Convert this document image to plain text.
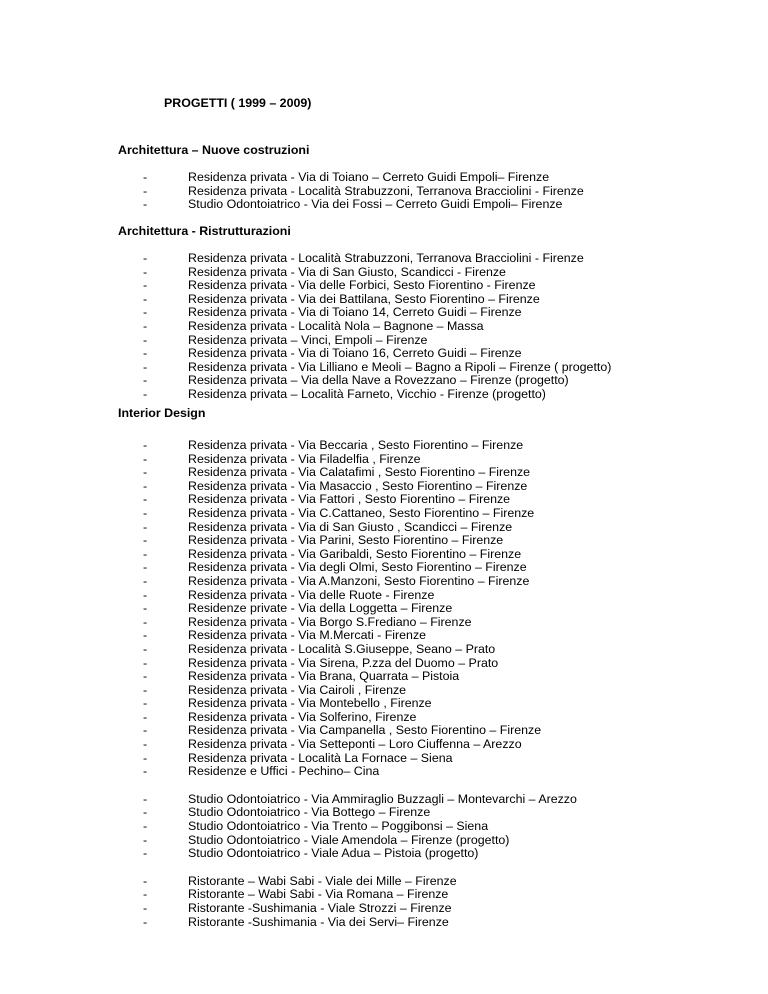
PROGETTI ( 1999 – 2009)
Architettura – Nuove costruzioni
-	Residenza privata - Via di Toiano – Cerreto Guidi Empoli– Firenze
-	Residenza privata - Località Strabuzzoni, Terranova Bracciolini - Firenze
-	Studio Odontoiatrico - Via dei Fossi – Cerreto Guidi Empoli– Firenze
Architettura - Ristrutturazioni
-	Residenza privata - Località Strabuzzoni, Terranova Bracciolini - Firenze
-	Residenza privata - Via di San Giusto, Scandicci - Firenze
-	Residenza privata - Via delle Forbici, Sesto Fiorentino - Firenze
-	Residenza privata - Via dei Battilana, Sesto Fiorentino – Firenze
-	Residenza privata - Via di Toiano 14, Cerreto Guidi – Firenze
-	Residenza privata - Località Nola – Bagnone – Massa
-	Residenza privata – Vinci, Empoli – Firenze
-	Residenza privata - Via di Toiano 16, Cerreto Guidi – Firenze
-	Residenza privata - Via Lilliano e Meoli – Bagno a Ripoli – Firenze ( progetto)
-	Residenza privata – Via della Nave a Rovezzano – Firenze (progetto)
-	Residenza privata – Località Farneto, Vicchio - Firenze (progetto)
Interior Design
-	Residenza privata - Via Beccaria , Sesto Fiorentino – Firenze
-	Residenza privata - Via Filadelfia , Firenze
-	Residenza privata - Via Calatafimi , Sesto Fiorentino – Firenze
-	Residenza privata - Via Masaccio , Sesto Fiorentino – Firenze
-	Residenza privata - Via Fattori , Sesto Fiorentino – Firenze
-	Residenza privata - Via C.Cattaneo, Sesto Fiorentino – Firenze
-	Residenza privata - Via di San Giusto , Scandicci – Firenze
-	Residenza privata - Via Parini, Sesto Fiorentino – Firenze
-	Residenza privata - Via Garibaldi, Sesto Fiorentino – Firenze
-	Residenza privata - Via degli Olmi, Sesto Fiorentino – Firenze
-	Residenza privata - Via A.Manzoni, Sesto Fiorentino – Firenze
-	Residenza privata - Via delle Ruote - Firenze
-	Residenze private - Via della Loggetta – Firenze
-	Residenza privata - Via Borgo S.Frediano – Firenze
-	Residenza privata - Via M.Mercati - Firenze
-	Residenza privata - Località S.Giuseppe, Seano – Prato
-	Residenza privata - Via Sirena, P.zza del Duomo – Prato
-	Residenza privata - Via Brana, Quarrata – Pistoia
-	Residenza privata - Via Cairoli , Firenze
-	Residenza privata - Via Montebello , Firenze
-	Residenza privata - Via Solferino, Firenze
-	Residenza privata - Via Campanella , Sesto Fiorentino – Firenze
-	Residenza privata - Via Setteponti – Loro Ciuffenna – Arezzo
-	Residenza privata - Località La Fornace – Siena
-	Residenze e Uffici - Pechino– Cina
-	Studio Odontoiatrico - Via Ammiraglio Buzzagli – Montevarchi – Arezzo
-	Studio Odontoiatrico - Via Bottego – Firenze
-	Studio Odontoiatrico - Via Trento – Poggibonsi – Siena
-	Studio Odontoiatrico - Viale Amendola – Firenze (progetto)
-	Studio Odontoiatrico - Viale Adua – Pistoia (progetto)
-	Ristorante – Wabi Sabi - Viale dei Mille – Firenze
-	Ristorante – Wabi Sabi - Via Romana – Firenze
-	Ristorante -Sushimania - Viale Strozzi – Firenze
-	Ristorante -Sushimania - Via dei Servi– Firenze
